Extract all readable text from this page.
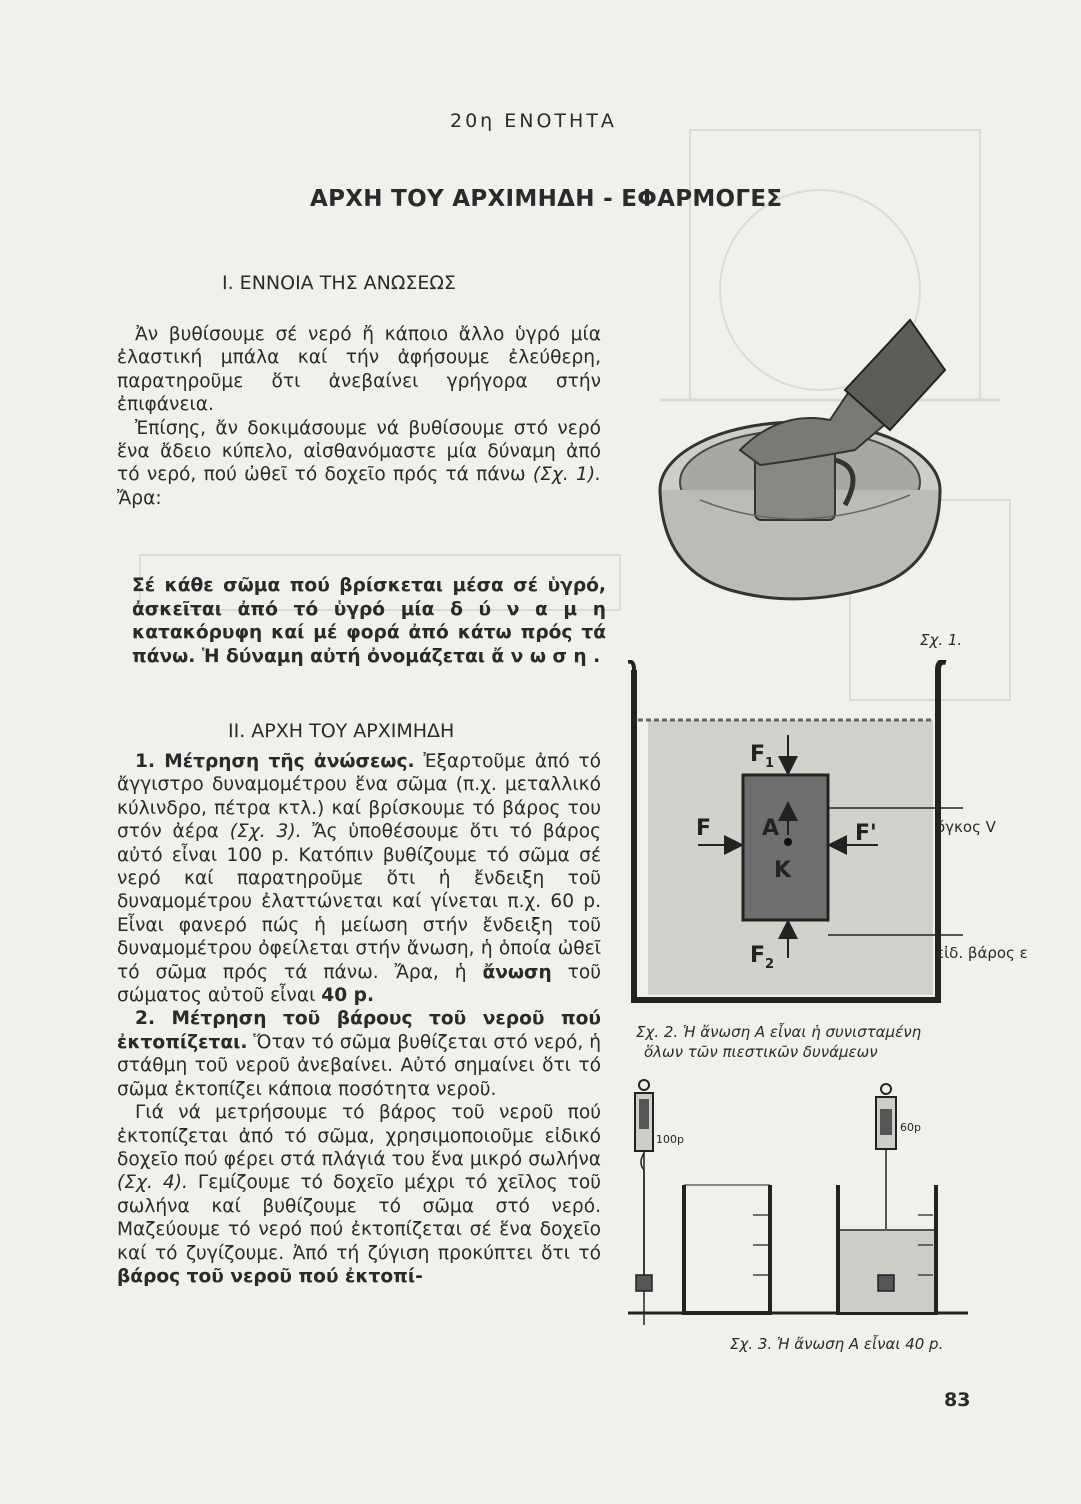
20η ΕΝΟΤΗΤΑ
ΑΡΧΗ ΤΟΥ ΑΡΧΙΜΗΔΗ - ΕΦΑΡΜΟΓΕΣ
Ι. ΕΝΝΟΙΑ ΤΗΣ ΑΝΩΣΕΩΣ

Ἀν βυθίσουμε σέ νερό ἤ κάποιο ἄλλο ὑγρό μία ἐλαστική μπάλα καί τήν ἀφήσουμε ἐλεύθερη, παρατηροῦμε ὅτι ἀνεβαίνει γρήγορα στήν ἐπιφάνεια.

Ἐπίσης, ἄν δοκιμάσουμε νά βυθίσουμε στό νερό ἕνα ἄδειο κύπελο, αἰσθανόμαστε μία δύναμη ἀπό τό νερό, πού ὠθεῖ τό δοχεῖο πρός τά πάνω (Σχ. 1). Ἄρα:

Σέ κάθε σῶμα πού βρίσκεται μέσα σέ ὑγρό, ἀσκεῖται ἀπό τό ὑγρό μία δ ύ ν α μ η κατακόρυφη καί μέ φορά ἀπό κάτω πρός τά πάνω. Ἡ δύναμη αὐτή ὀνομάζεται ἄ ν ω σ η .
ΙΙ. ΑΡΧΗ ΤΟΥ ΑΡΧΙΜΗΔΗ

1. Μέτρηση τῆς ἀνώσεως. Ἐξαρτοῦμε ἀπό τό ἄγγιστρο δυναμομέτρου ἕνα σῶμα (π.χ. μεταλλικό κύλινδρο, πέτρα κτλ.) καί βρίσκουμε τό βάρος του στόν ἀέρα (Σχ. 3). Ἄς ὑποθέσουμε ὅτι τό βάρος αὐτό εἶναι 100 p. Κατόπιν βυθίζουμε τό σῶμα σέ νερό καί παρατηροῦμε ὅτι ἡ ἔνδειξη τοῦ δυναμομέτρου ἐλαττώνεται καί γίνεται π.χ. 60 p. Εἶναι φανερό πώς ἡ μείωση στήν ἔνδειξη τοῦ δυναμομέτρου ὀφείλεται στήν ἄνωση, ἡ ὁποία ὠθεῖ τό σῶμα πρός τά πάνω. Ἄρα, ἡ ἄνωση τοῦ σώματος αὐτοῦ εἶναι 40 p.

2. Μέτρηση τοῦ βάρους τοῦ νεροῦ πού ἐκτοπίζεται. Ὅταν τό σῶμα βυθίζεται στό νερό, ἡ στάθμη τοῦ νεροῦ ἀνεβαίνει. Αὐτό σημαίνει ὅτι τό σῶμα ἐκτοπίζει κάποια ποσότητα νεροῦ.

Γιά νά μετρήσουμε τό βάρος τοῦ νεροῦ πού ἐκτοπίζεται ἀπό τό σῶμα, χρησιμοποιοῦμε εἰδικό δοχεῖο πού φέρει στά πλάγιά του ἕνα μικρό σωλήνα (Σχ. 4). Γεμίζουμε τό δοχεῖο μέχρι τό χεῖλος τοῦ σωλήνα καί βυθίζουμε τό σῶμα στό νερό. Μαζεύουμε τό νερό πού ἐκτοπίζεται σέ ἕνα δοχεῖο καί τό ζυγίζουμε. Ἀπό τή ζύγιση προκύπτει ὅτι τό βάρος τοῦ νεροῦ πού ἐκτοπί-

Σχ. 1.
$F_1$
$F_2$
F	F'
A
K
ὄγκος V
εἰδ. βάρος ε
Σχ. 2. Ἡ ἄνωση A εἶναι ἡ συνισταμένη
ὅλων τῶν πιεστικῶν δυνάμεων
100p
60p
Σχ. 3. Ἡ ἄνωση A εἶναι 40 p.
83
